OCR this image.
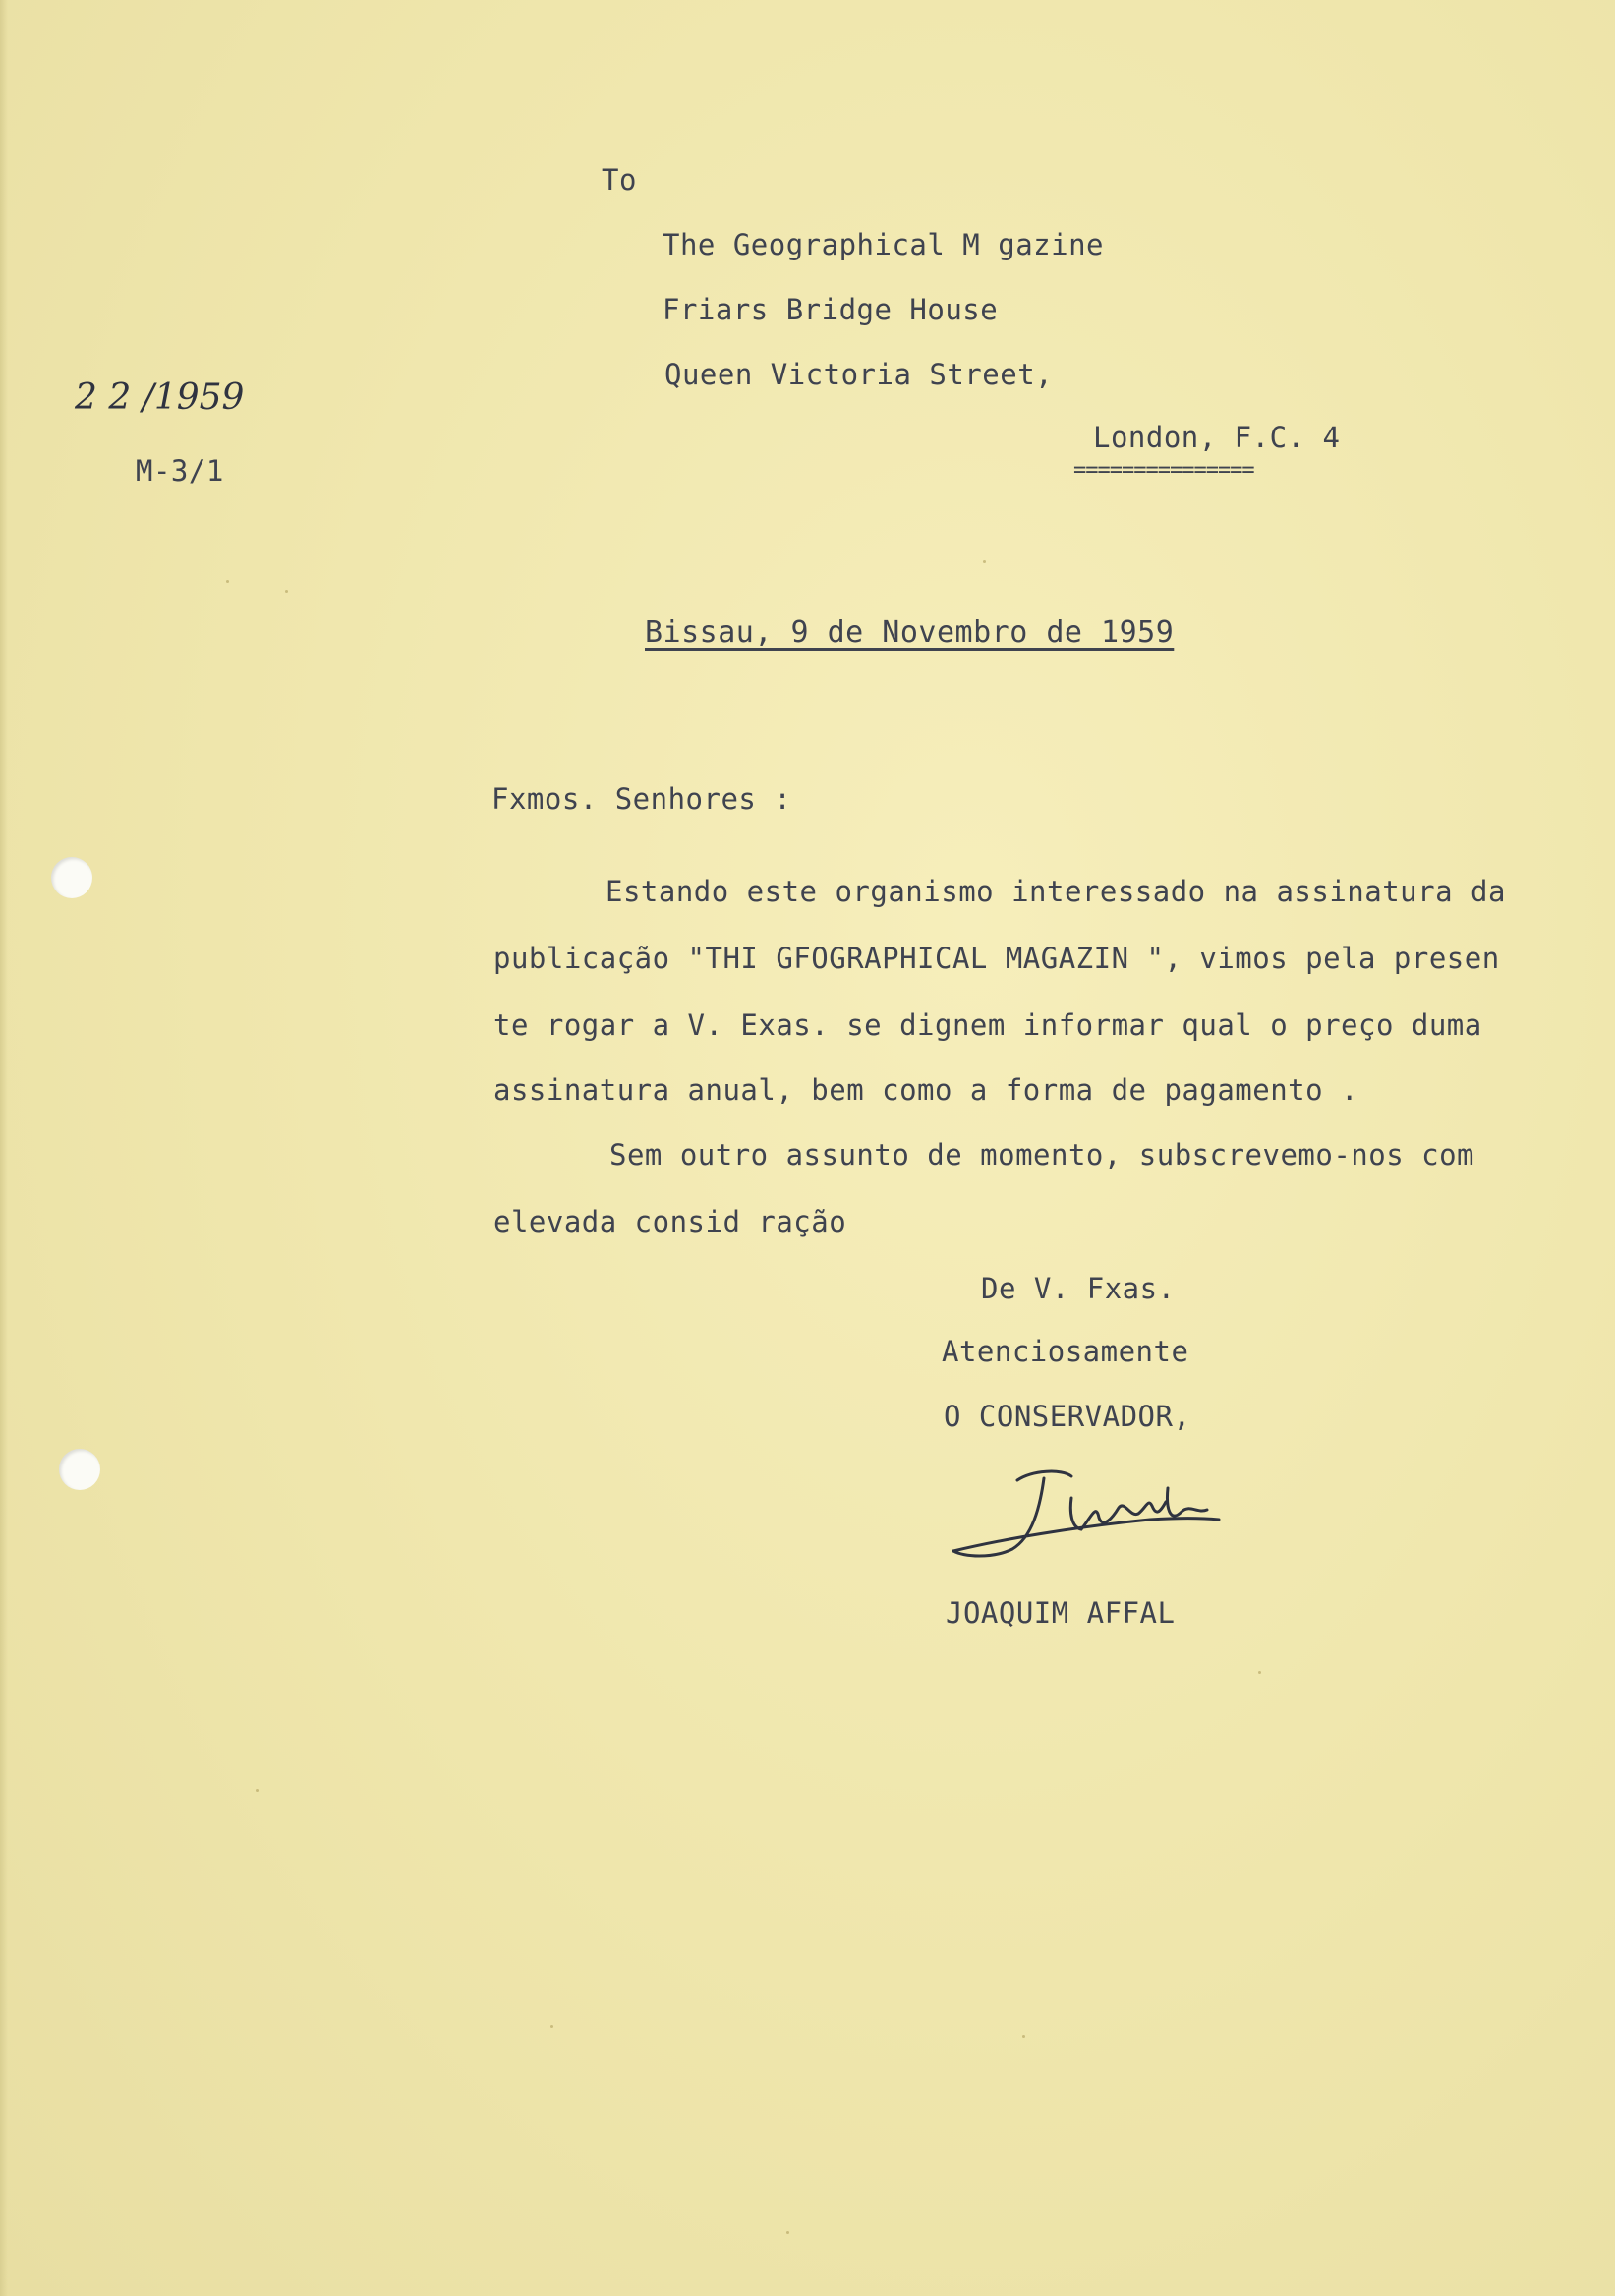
To
The Geographical M gazine
Friars Bridge House
Queen Victoria Street,
London, F.C. 4
===============
2 2 /1959
M-3/1
Bissau, 9 de Novembro de 1959
Fxmos. Senhores :
Estando este organismo interessado na assinatura da
publicação "THI GFOGRAPHICAL MAGAZIN ", vimos pela presen
te rogar a V. Exas. se dignem informar qual o preço duma
assinatura anual, bem como a forma de pagamento .
Sem outro assunto de momento, subscrevemo-nos com
elevada consid ração
De V. Fxas.
Atenciosamente
O CONSERVADOR,
JOAQUIM AFFAL
